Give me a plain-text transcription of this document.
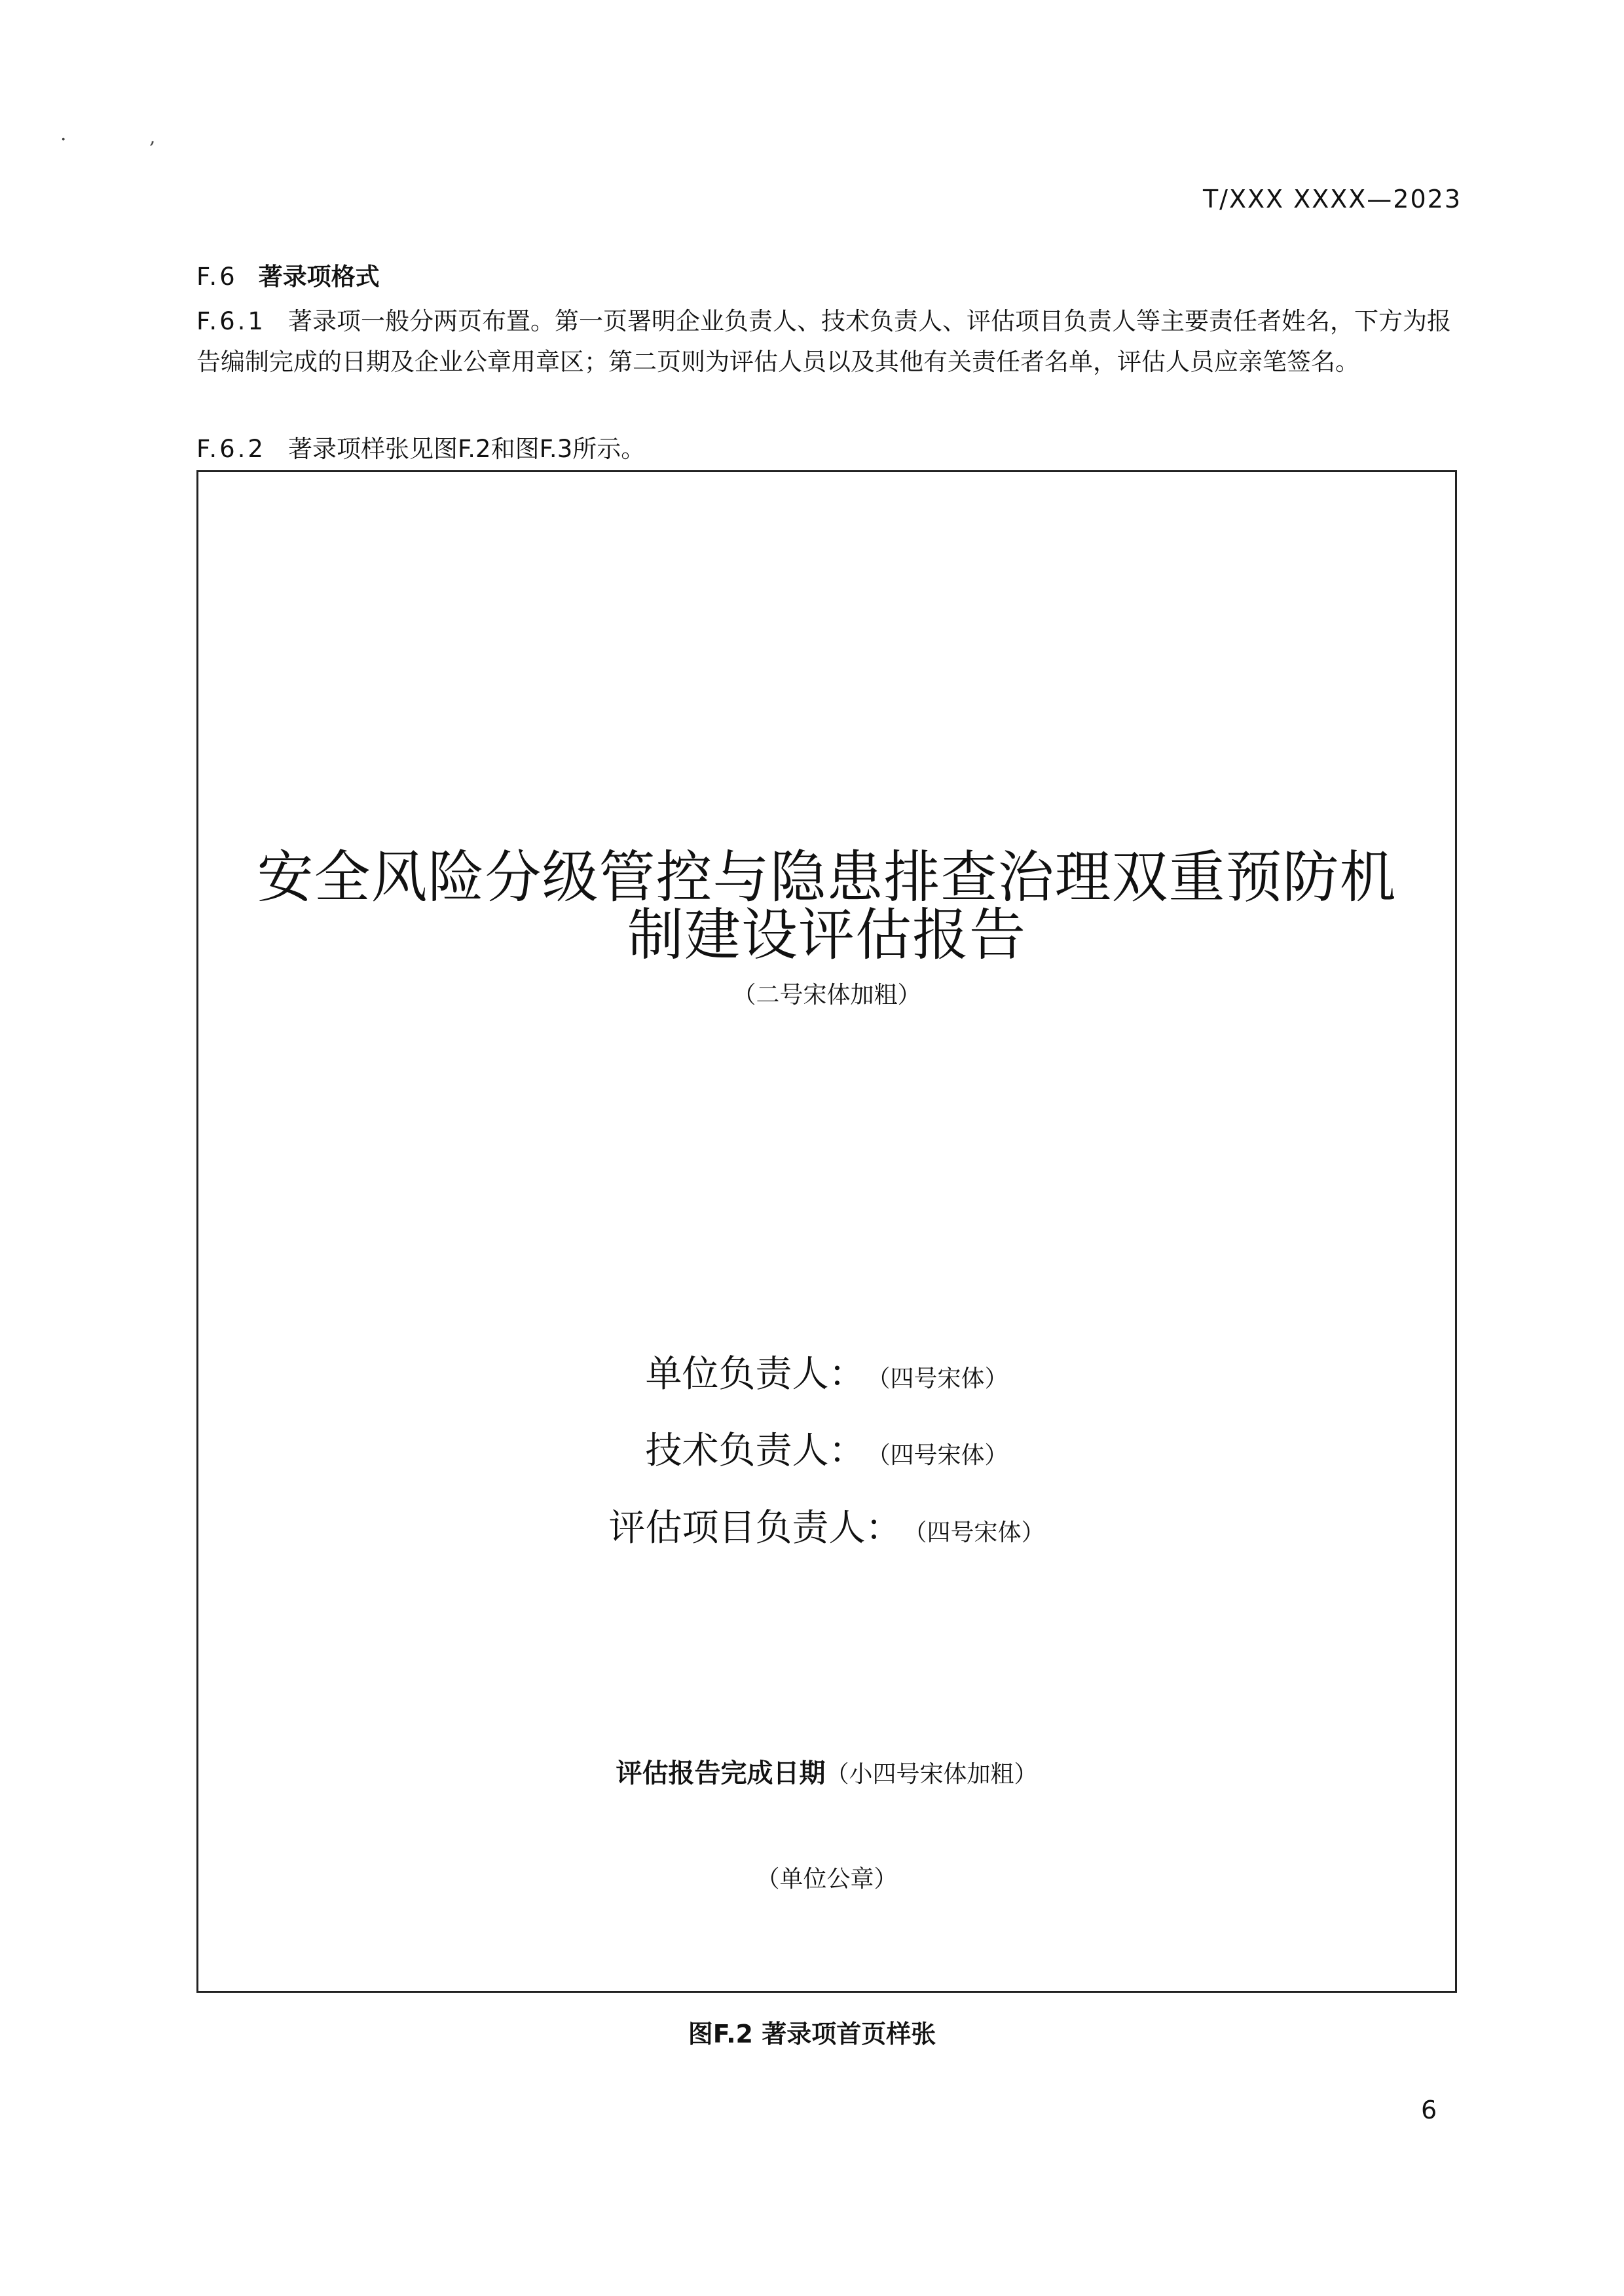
·	,
T/XXX XXXX—2023
F.6 著录项格式
F.6.1 著录项一般分两页布置。第一页署明企业负责人、技术负责人、评估项目负责人等主要责任者姓名，下方为报告编制完成的日期及企业公章用章区；第二页则为评估人员以及其他有关责任者名单，评估人员应亲笔签名。
F.6.2 著录项样张见图F.2和图F.3所示。
安全风险分级管控与隐患排查治理双重预防机
制建设评估报告
（二号宋体加粗）
单位负责人： （四号宋体）
技术负责人： （四号宋体）
评估项目负责人： （四号宋体）
评估报告完成日期（小四号宋体加粗）
（单位公章）
图F.2 著录项首页样张
6
